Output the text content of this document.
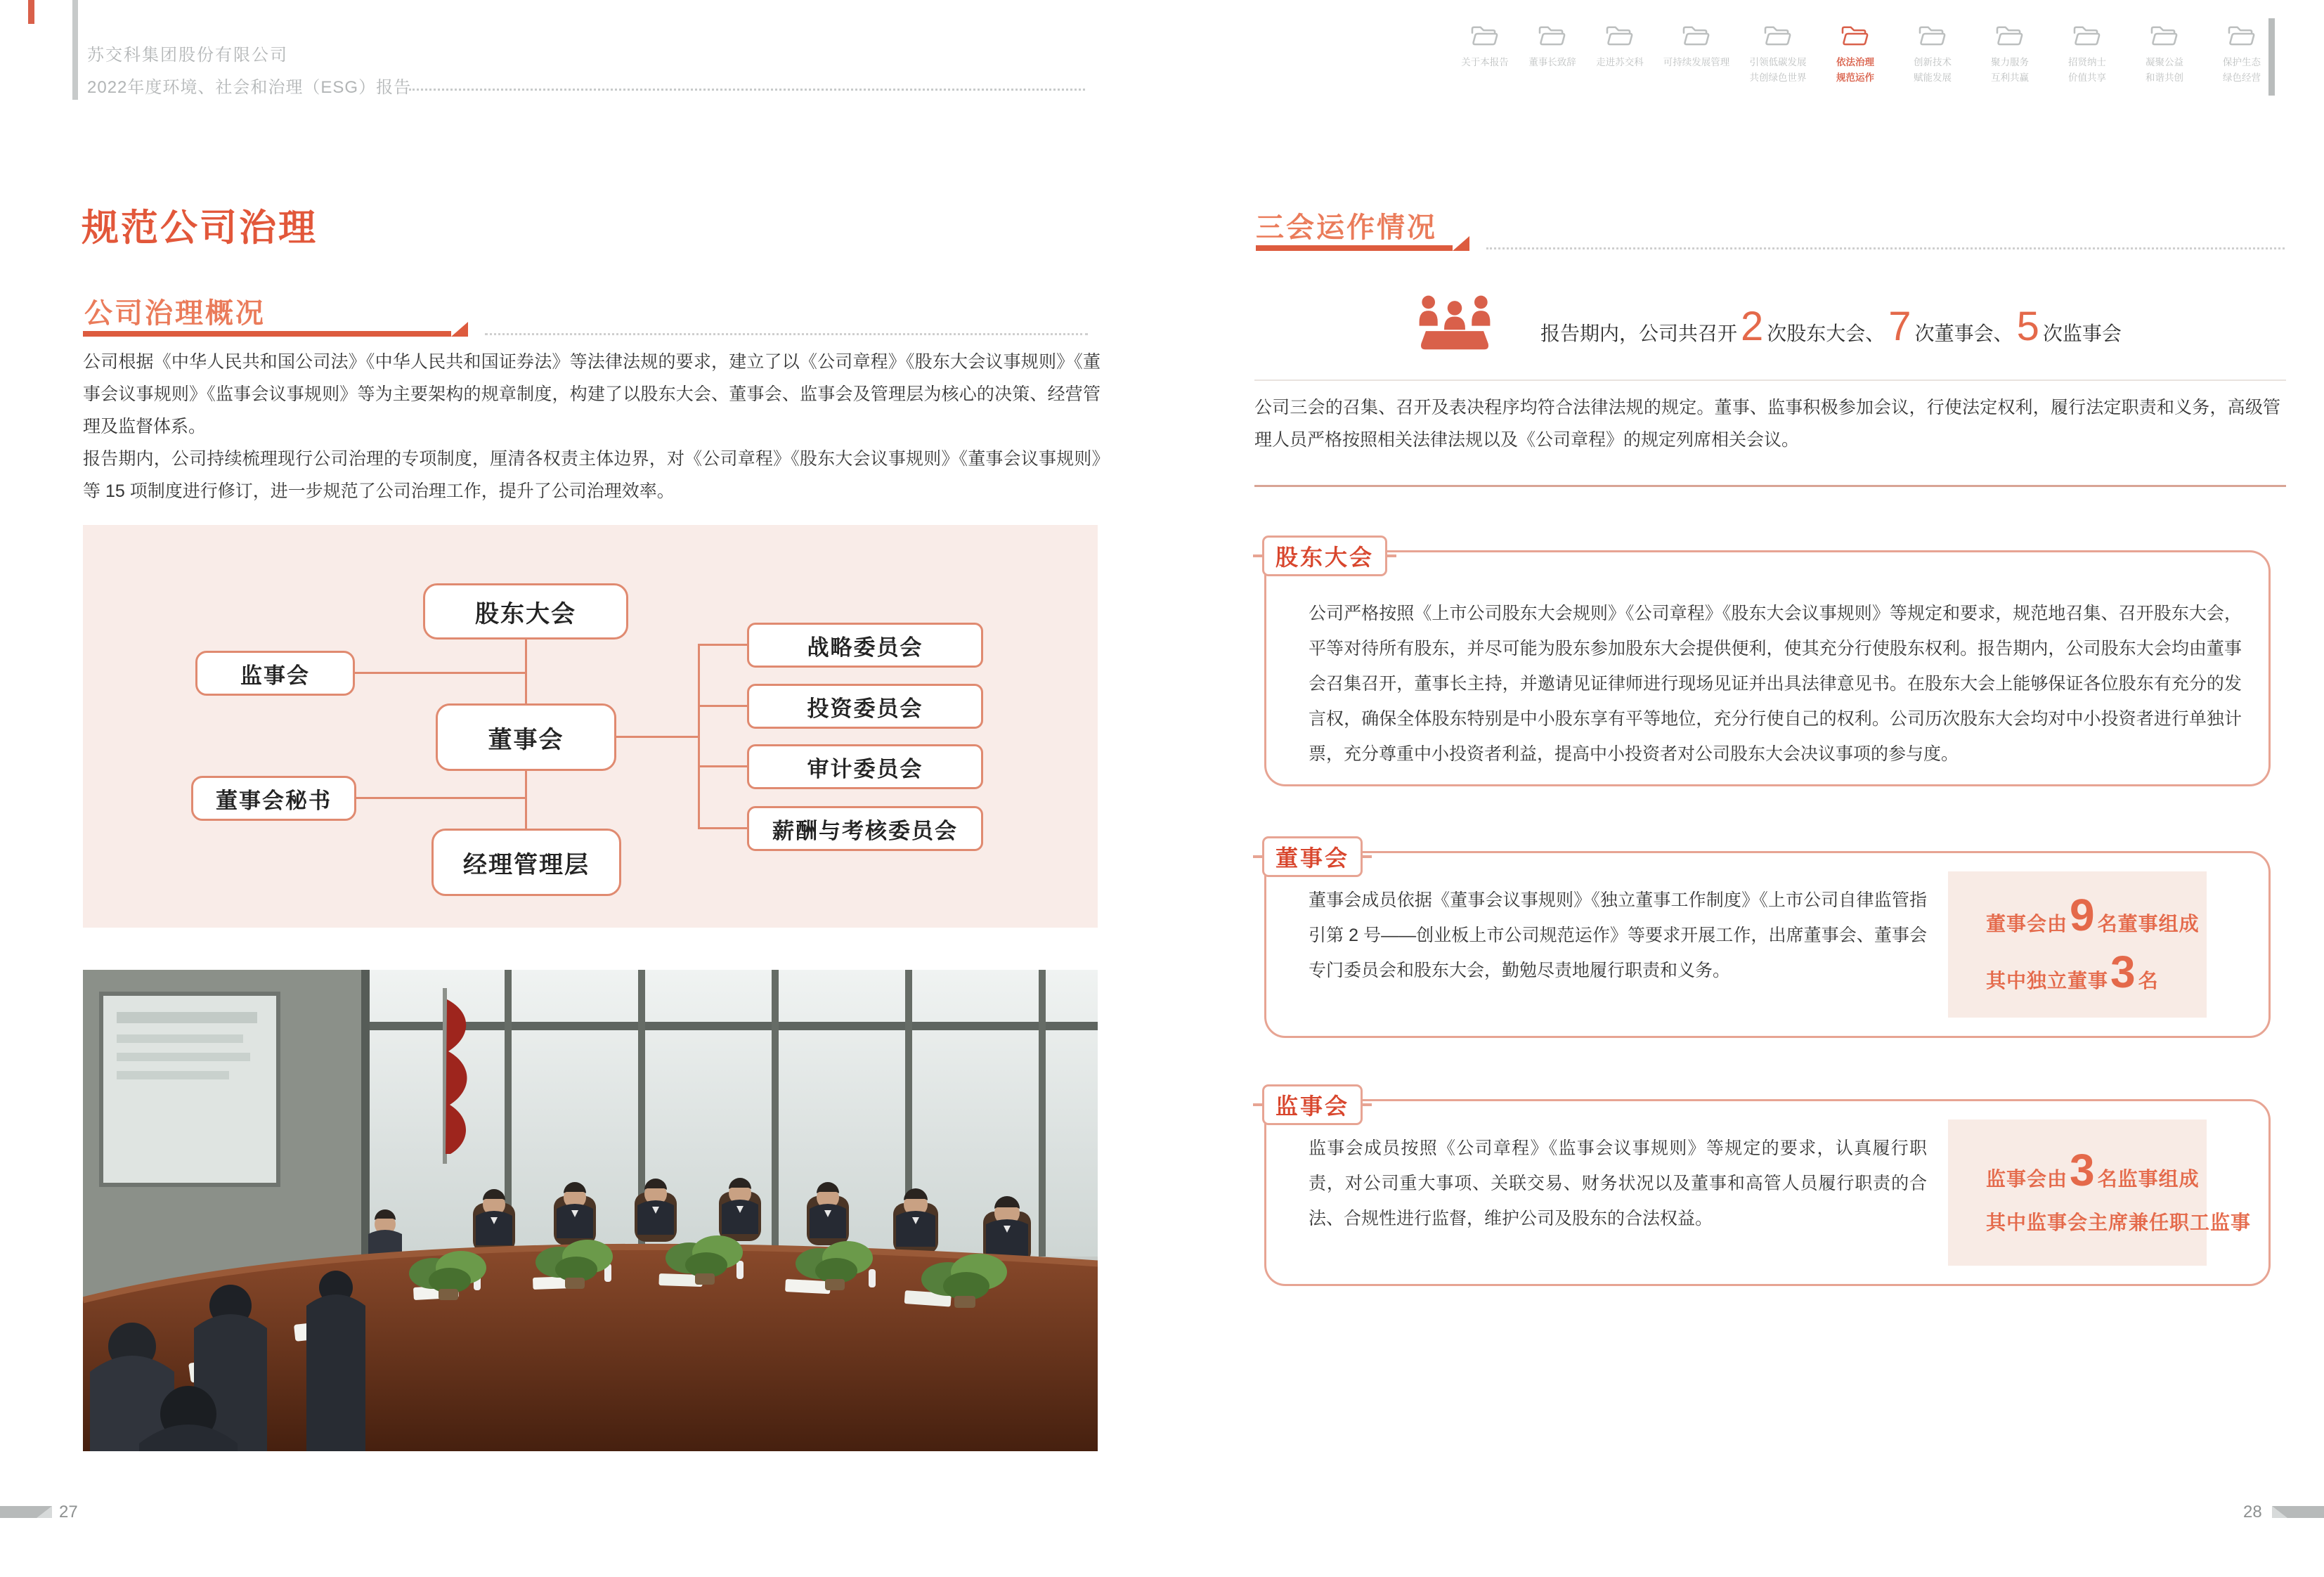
苏交科集团股份有限公司
2022年度环境、社会和治理（ESG）报告
关于本报告 董事长致辞 走进苏交科 可持续发展管理 引领低碳发展
共创绿色世界
依法治理
规范运作
创新技术
赋能发展
聚力服务
互利共赢
招贤纳士
价值共享
凝聚公益
和谐共创
保护生态
绿色经营
规范公司治理
公司治理概况

公司根据《中华人民共和国公司法》《中华人民共和国证券法》等法律法规的要求，建立了以《公司章程》《股东大会议事规则》《董事会议事规则》《监事会议事规则》等为主要架构的规章制度，构建了以股东大会、董事会、监事会及管理层为核心的决策、经营管理及监督体系。

报告期内，公司持续梳理现行公司治理的专项制度，厘清各权责主体边界，对《公司章程》《股东大会议事规则》《董事会议事规则》等 15 项制度进行修订，进一步规范了公司治理工作，提升了公司治理效率。

股东大会
监事会
董事会
董事会秘书
经理管理层
战略委员会
投资委员会
审计委员会
薪酬与考核委员会
三会运作情况
报告期内，公司共召开 2 次股东大会、 7 次董事会、 5 次监事会
公司三会的召集、召开及表决程序均符合法律法规的规定。董事、监事积极参加会议，行使法定权利，履行法定职责和义务，高级管理人员严格按照相关法律法规以及《公司章程》的规定列席相关会议。
股东大会
公司严格按照《上市公司股东大会规则》《公司章程》《股东大会议事规则》等规定和要求，规范地召集、召开股东大会，平等对待所有股东，并尽可能为股东参加股东大会提供便利，使其充分行使股东权利。报告期内，公司股东大会均由董事会召集召开，董事长主持，并邀请见证律师进行现场见证并出具法律意见书。在股东大会上能够保证各位股东有充分的发言权，确保全体股东特别是中小股东享有平等地位，充分行使自己的权利。公司历次股东大会均对中小投资者进行单独计票，充分尊重中小投资者利益，提高中小投资者对公司股东大会决议事项的参与度。
董事会
董事会成员依据《董事会议事规则》《独立董事工作制度》《上市公司自律监管指引第 2 号——创业板上市公司规范运作》等要求开展工作，出席董事会、董事会专门委员会和股东大会，勤勉尽责地履行职责和义务。
董事会由 9 名董事组成
其中独立董事 3 名
监事会
监事会成员按照《公司章程》《监事会议事规则》等规定的要求，认真履行职责，对公司重大事项、关联交易、财务状况以及董事和高管人员履行职责的合法、合规性进行监督，维护公司及股东的合法权益。
监事会由 3 名监事组成
其中监事会主席兼任职工监事
27	28
